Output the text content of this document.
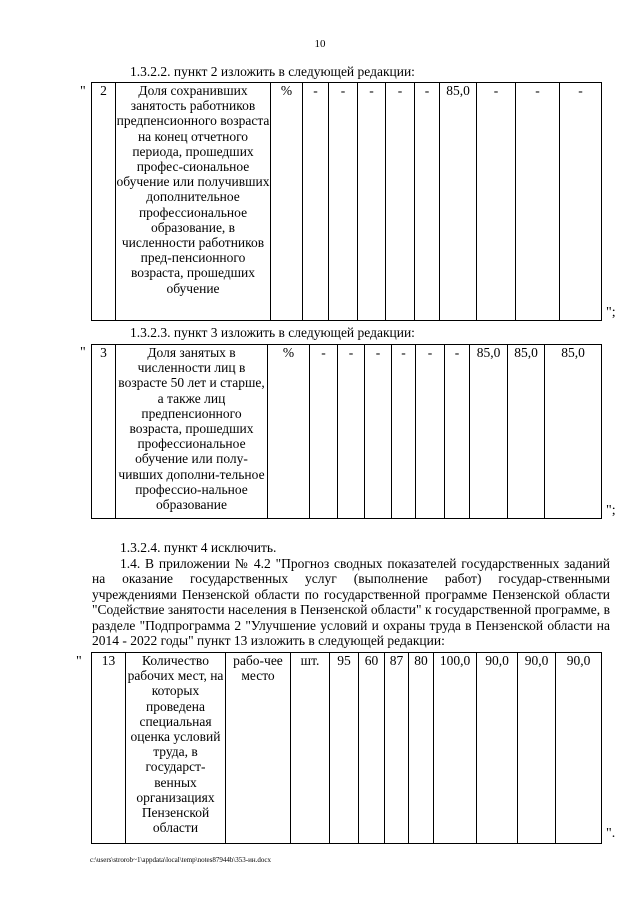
10
1.3.2.2. пункт 2 изложить в следующей редакции:
" 2	Доля сохранивших занятость работников предпенсионного возраста на конец отчетного периода, прошедших профес-сиональное обучение или получивших дополнительное профессиональное образование, в численности работников пред-пенсионного возраста, прошедших обучение	%	-	-	-	-	-	85,0	-	-	-
";
1.3.2.3. пункт 3 изложить в следующей редакции:
" 3	Доля занятых в численности лиц в возрасте 50 лет и старше, а также лиц предпенсионного возраста, прошедших профессиональное обучение или полу-чивших дополни-тельное профессио-нальное образование	%	-	-	-	-	-	-	85,0	85,0	85,0
";
1.3.2.4. пункт 4 исключить.
1.4. В приложении № 4.2 "Прогноз сводных показателей государственных заданий на оказание государственных услуг (выполнение работ) государ-ственными учреждениями Пензенской области по государственной программе Пензенской области "Содействие занятости населения в Пензенской области" к государственной программе, в разделе "Подпрограмма 2 "Улучшение условий и охраны труда в Пензенской области на 2014 - 2022 годы" пункт 13 изложить в следующей редакции:
" 13	Количество рабочих мест, на которых проведена специальная оценка условий труда, в государст-венных организациях Пензенской области	рабо-чее место	шт.	95	60	87	80	100,0	90,0	90,0	90,0
".
c:\users\strorob~1\appdata\local\temp\notes87944b\353-ин.docx
